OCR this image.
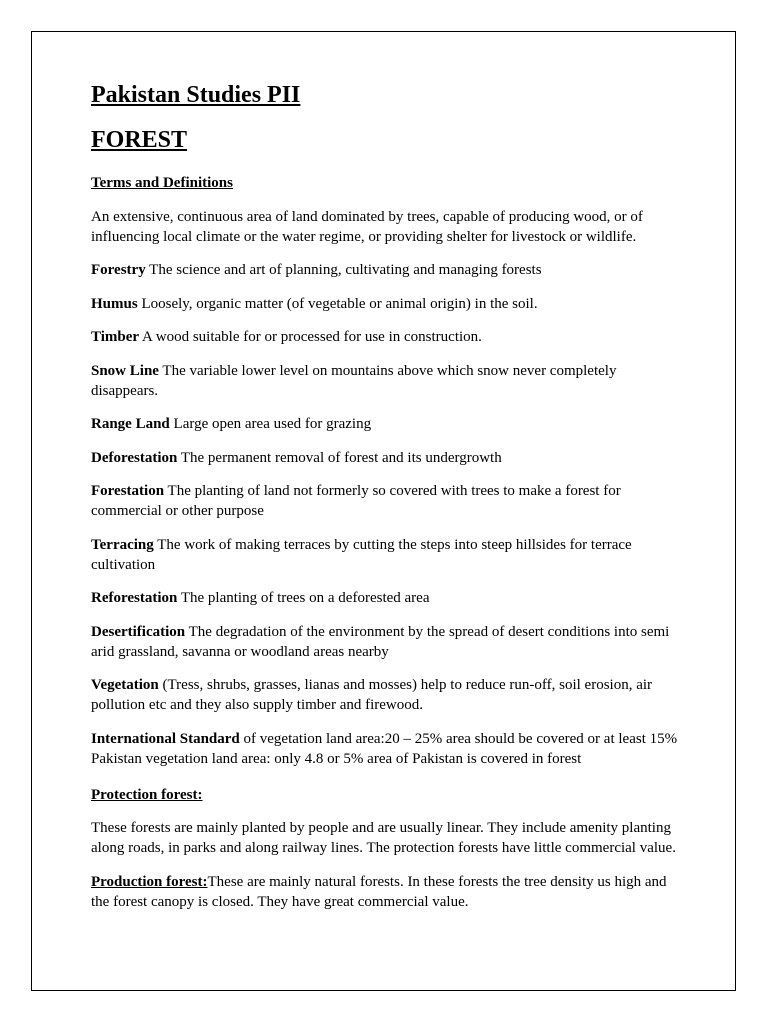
Pakistan Studies PII
FOREST
Terms and Definitions

An extensive, continuous area of land dominated by trees, capable of producing wood, or of influencing local climate or the water regime, or providing shelter for livestock or wildlife.

Forestry The science and art of planning, cultivating and managing forests

Humus Loosely, organic matter (of vegetable or animal origin) in the soil.

Timber A wood suitable for or processed for use in construction.

Snow Line The variable lower level on mountains above which snow never completely disappears.

Range Land Large open area used for grazing

Deforestation The permanent removal of forest and its undergrowth

Forestation The planting of land not formerly so covered with trees to make a forest for commercial or other purpose

Terracing The work of making terraces by cutting the steps into steep hillsides for terrace cultivation

Reforestation The planting of trees on a deforested area

Desertification The degradation of the environment by the spread of desert conditions into semi arid grassland, savanna or woodland areas nearby

Vegetation (Tress, shrubs, grasses, lianas and mosses) help to reduce run-off, soil erosion, air pollution etc and they also supply timber and firewood.

International Standard of vegetation land area:20 – 25% area should be covered or at least 15% Pakistan vegetation land area: only 4.8 or 5% area of Pakistan is covered in forest

Protection forest:

These forests are mainly planted by people and are usually linear. They include amenity planting along roads, in parks and along railway lines. The protection forests have little commercial value.

Production forest:These are mainly natural forests. In these forests the tree density us high and the forest canopy is closed. They have great commercial value.
